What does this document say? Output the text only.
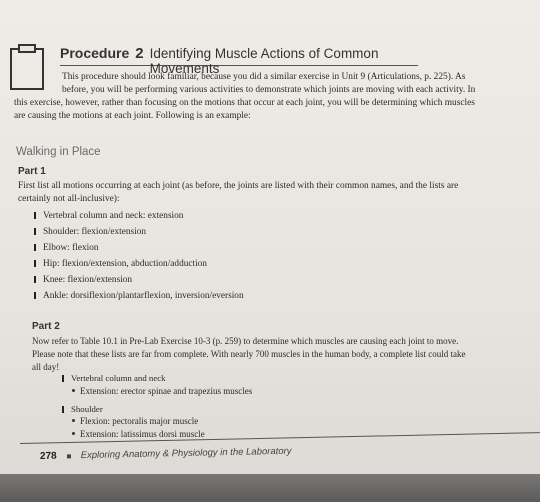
Procedure 2 Identifying Muscle Actions of Common Movements
This procedure should look familiar, because you did a similar exercise in Unit 9 (Articulations, p. 225). As
before, you will be performing various activities to demonstrate which joints are moving with each activity. In
this exercise, however, rather than focusing on the motions that occur at each joint, you will be determining which muscles
are causing the motions at each joint. Following is an example:
Walking in Place
Part 1
First list all motions occurring at each joint (as before, the joints are listed with their common names, and the lists are
certainly not all-inclusive):
Vertebral column and neck: extension
Shoulder: flexion/extension
Elbow: flexion
Hip: flexion/extension, abduction/adduction
Knee: flexion/extension
Ankle: dorsiflexion/plantarflexion, inversion/eversion
Part 2
Now refer to Table 10.1 in Pre-Lab Exercise 10-3 (p. 259) to determine which muscles are causing each joint to move.
Please note that these lists are far from complete. With nearly 700 muscles in the human body, a complete list could take
all day!
Vertebral column and neck
Extension: erector spinae and trapezius muscles
Shoulder
Flexion: pectoralis major muscle
Extension: latissimus dorsi muscle
278	Exploring Anatomy & Physiology in the Laboratory
